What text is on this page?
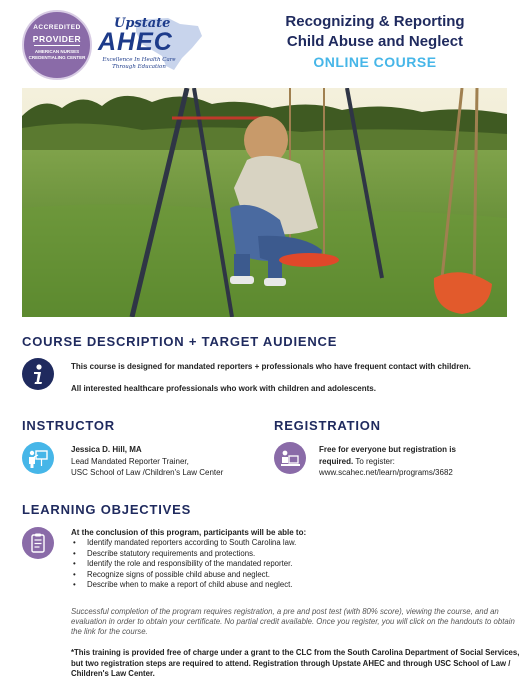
ACCREDITED
PROVIDER
AMERICAN NURSES CREDENTIALING CENTER
Upstate
AHEC
Excellence In Health Care Through Education
Recognizing & Reporting
Child Abuse and Neglect
ONLINE COURSE
COURSE DESCRIPTION + TARGET AUDIENCE
This course is designed for mandated reporters + professionals who have frequent contact with children.
All interested healthcare professionals who work with children and adolescents.
INSTRUCTOR
Jessica D. Hill, MA
Lead Mandated Reporter Trainer,
USC School of Law /Children's Law Center
REGISTRATION
Free for everyone but registration is
required. To register:
www.scahec.net/learn/programs/3682
LEARNING OBJECTIVES
At the conclusion of this program, participants will be able to:
• Identify mandated reporters according to South Carolina law.
• Describe statutory requirements and protections.
• Identify the role and responsibility of the mandated reporter.
• Recognize signs of possible child abuse and neglect.
• Describe when to make a report of child abuse and neglect.
Successful completion of the program requires registration, a pre and post test (with 80% score), viewing the course, and an evaluation in order to obtain your certificate. No partial credit available. Once you register, you will click on the handouts to obtain the link for the course.
*This training is provided free of charge under a grant to the CLC from the South Carolina Department of Social Services, but two registration steps are required to attend. Registration through Upstate AHEC and through USC School of Law / Children's Law Center.
